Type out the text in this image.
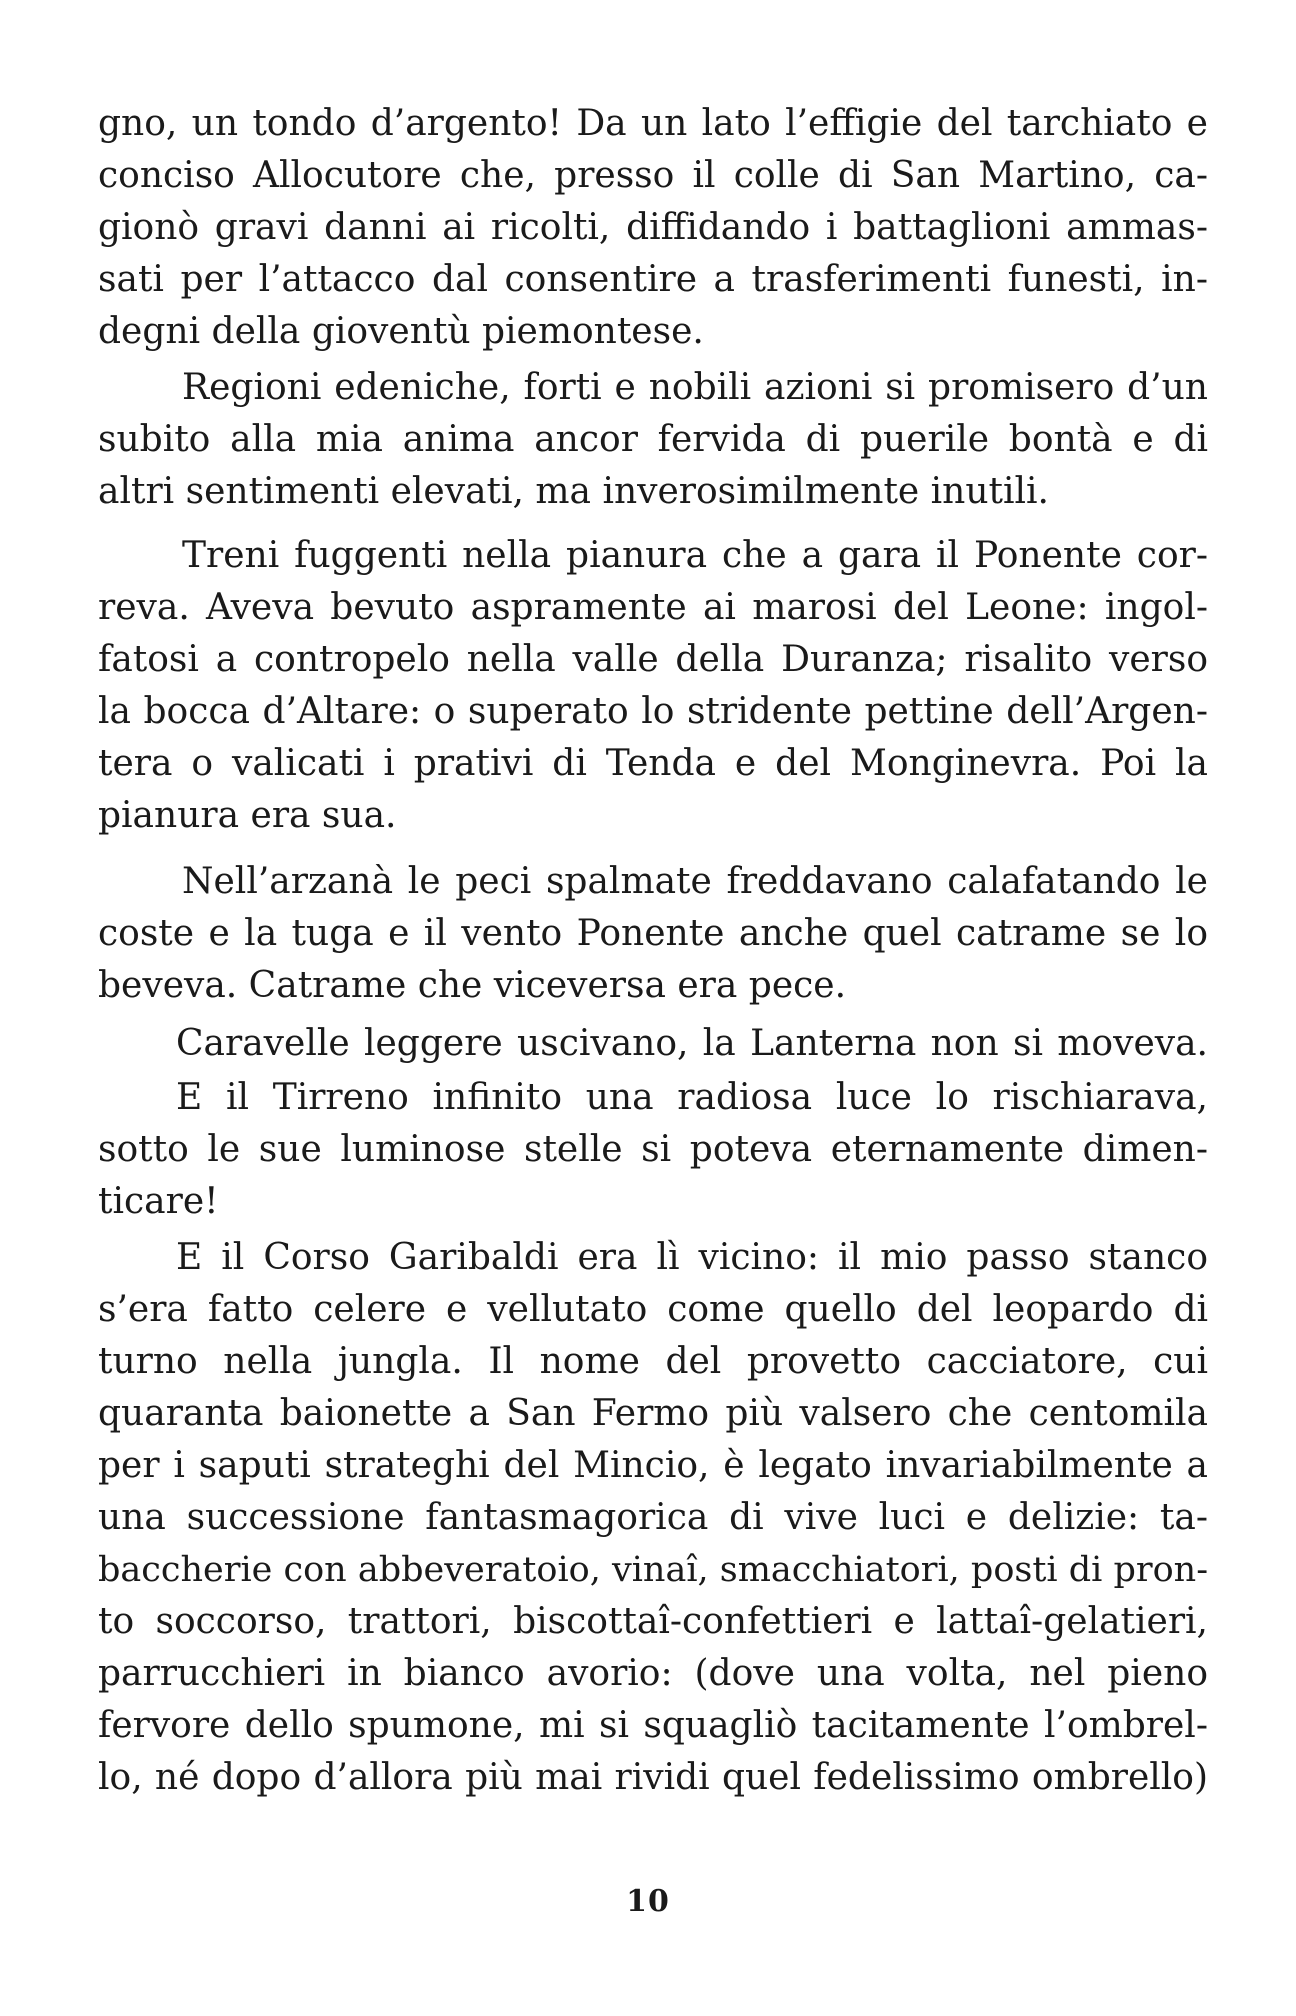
gno, un tondo d’argento! Da un lato l’effigie del tarchiato e
conciso Allocutore che, presso il colle di San Martino, ca-
gionò gravi danni ai ricolti, diffidando i battaglioni ammas-
sati per l’attacco dal consentire a trasferimenti funesti, in-
degni della gioventù piemontese.
Regioni edeniche, forti e nobili azioni si promisero d’un
subito alla mia anima ancor fervida di puerile bontà e di
altri sentimenti elevati, ma inverosimilmente inutili.
Treni fuggenti nella pianura che a gara il Ponente cor-
reva. Aveva bevuto aspramente ai marosi del Leone: ingol-
fatosi a contropelo nella valle della Duranza; risalito verso
la bocca d’Altare: o superato lo stridente pettine dell’Argen-
tera o valicati i prativi di Tenda e del Monginevra. Poi la
pianura era sua.
Nell’arzanà le peci spalmate freddavano calafatando le
coste e la tuga e il vento Ponente anche quel catrame se lo
beveva. Catrame che viceversa era pece.
Caravelle leggere uscivano, la Lanterna non si moveva.
E il Tirreno infinito una radiosa luce lo rischiarava,
sotto le sue luminose stelle si poteva eternamente dimen-
ticare!
E il Corso Garibaldi era lì vicino: il mio passo stanco
s’era fatto celere e vellutato come quello del leopardo di
turno nella jungla. Il nome del provetto cacciatore, cui
quaranta baionette a San Fermo più valsero che centomila
per i saputi strateghi del Mincio, è legato invariabilmente a
una successione fantasmagorica di vive luci e delizie: ta-
baccherie con abbeveratoio, vinaî, smacchiatori, posti di pron-
to soccorso, trattori, biscottaî-confettieri e lattaî-gelatieri,
parrucchieri in bianco avorio: (dove una volta, nel pieno
fervore dello spumone, mi si squagliò tacitamente l’ombrel-
lo, né dopo d’allora più mai rividi quel fedelissimo ombrello)
10
